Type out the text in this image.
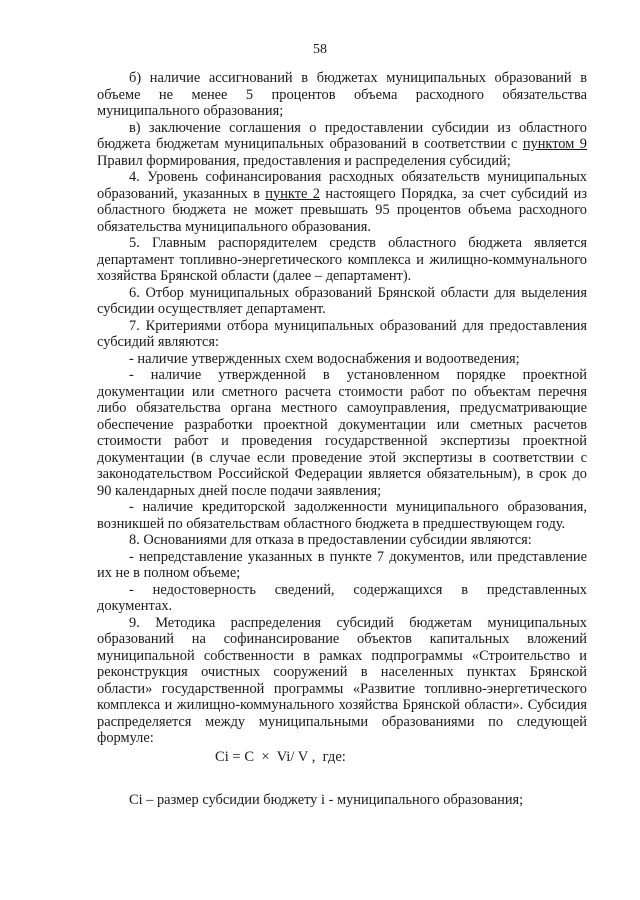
58

б) наличие ассигнований в бюджетах муниципальных образований в объеме не менее 5 процентов объема расходного обязательства муниципального образования;

в) заключение соглашения о предоставлении субсидии из областного бюджета бюджетам муниципальных образований в соответствии с пунктом 9 Правил формирования, предоставления и распределения субсидий;

4. Уровень софинансирования расходных обязательств муниципальных образований, указанных в пункте 2 настоящего Порядка, за счет субсидий из областного бюджета не может превышать 95 процентов объема расходного обязательства муниципального образования.

5. Главным распорядителем средств областного бюджета является департамент топливно-энергетического комплекса и жилищно-коммунального хозяйства Брянской области (далее – департамент).

6. Отбор муниципальных образований Брянской области для выделения субсидии осуществляет департамент.

7. Критериями отбора муниципальных образований для предоставления субсидий являются:

- наличие утвержденных схем водоснабжения и водоотведения;

- наличие утвержденной в установленном порядке проектной документации или сметного расчета стоимости работ по объектам перечня либо обязательства органа местного самоуправления, предусматривающие обеспечение разработки проектной документации или сметных расчетов стоимости работ и проведения государственной экспертизы проектной документации (в случае если проведение этой экспертизы в соответствии с законодательством Российской Федерации является обязательным), в срок до 90 календарных дней после подачи заявления;

- наличие кредиторской задолженности муниципального образования, возникшей по обязательствам областного бюджета в предшествующем году.

8. Основаниями для отказа в предоставлении субсидии являются:

- непредставление указанных в пункте 7 документов, или представление их не в полном объеме;

- недостоверность сведений, содержащихся в представленных документах.

9. Методика распределения субсидий бюджетам муниципальных образований на софинансирование объектов капитальных вложений муниципальной собственности в рамках подпрограммы «Строительство и реконструкция очистных сооружений в населенных пунктах Брянской области» государственной программы «Развитие топливно-энергетического комплекса и жилищно-коммунального хозяйства Брянской области». Субсидия распределяется между муниципальными образованиями по следующей формуле:

Ci = C  ×  Vi/ V ,  где:

Ci – размер субсидии бюджету i - муниципального образования;
